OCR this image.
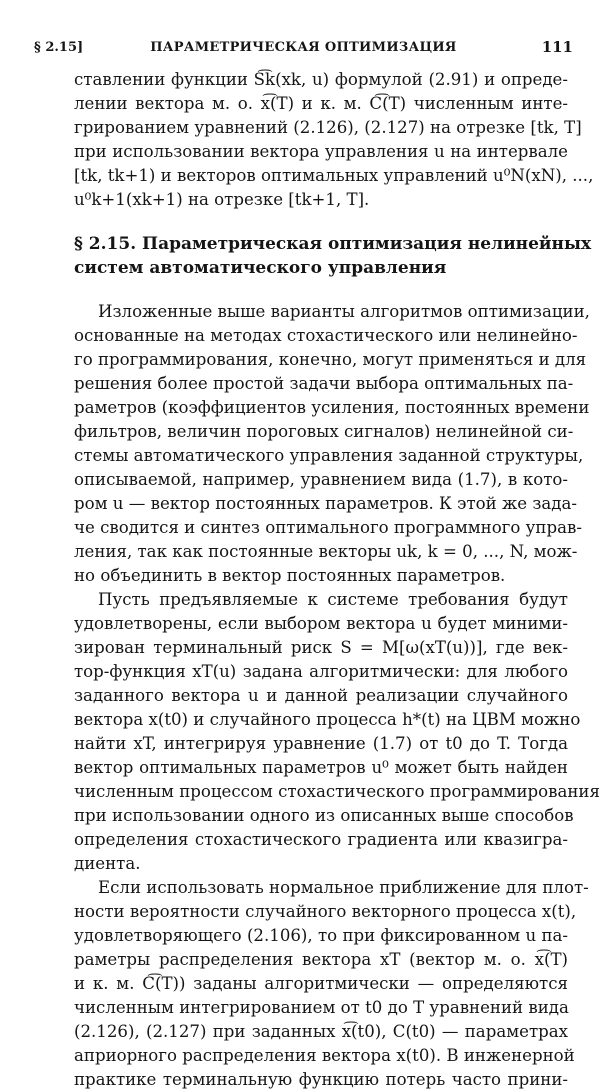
§ 2.15]	ПАРАМЕТРИЧЕСКАЯ ОПТИМИЗАЦИЯ	111
ставлении функции S͡k(xk, u) формулой (2.91) и опреде-
лении вектора м. о. x͡(T) и к. м. C͡(T) численным инте-
грированием уравнений (2.126), (2.127) на отрезке [tk, T]
при использовании вектора управления u на интервале
[tk, tk+1) и векторов оптимальных управлений u⁰N(xN), ...,
u⁰k+1(xk+1) на отрезке [tk+1, T].
§ 2.15. Параметрическая оптимизация нелинейных
систем автоматического управления
Изложенные выше варианты алгоритмов оптимизации,
основанные на методах стохастического или нелинейно-
го программирования, конечно, могут применяться и для
решения более простой задачи выбора оптимальных па-
раметров (коэффициентов усиления, постоянных времени
фильтров, величин пороговых сигналов) нелинейной си-
стемы автоматического управления заданной структуры,
описываемой, например, уравнением вида (1.7), в кото-
ром u — вектор постоянных параметров. К этой же зада-
че сводится и синтез оптимального программного управ-
ления, так как постоянные векторы uk, k = 0, ..., N, мож-
но объединить в вектор постоянных параметров.
Пусть предъявляемые к системе требования будут
удовлетворены, если выбором вектора u будет миними-
зирован терминальный риск S = M[ω(xT(u))], где век-
тор-функция xT(u) задана алгоритмически: для любого
заданного вектора u и данной реализации случайного
вектора x(t0) и случайного процесса h*(t) на ЦВМ можно
найти xT, интегрируя уравнение (1.7) от t0 до T. Тогда
вектор оптимальных параметров u⁰ может быть найден
численным процессом стохастического программирования
при использовании одного из описанных выше способов
определения стохастического градиента или квазигра-
диента.
Если использовать нормальное приближение для плот-
ности вероятности случайного векторного процесса x(t),
удовлетворяющего (2.106), то при фиксированном u па-
раметры распределения вектора xT (вектор м. о. x͡(T)
и к. м. C͡(T)) заданы алгоритмически — определяются
численным интегрированием от t0 до T уравнений вида
(2.126), (2.127) при заданных x͡(t0), C(t0) — параметрах
априорного распределения вектора x(t0). В инженерной
практике терминальную функцию потерь часто прини-
